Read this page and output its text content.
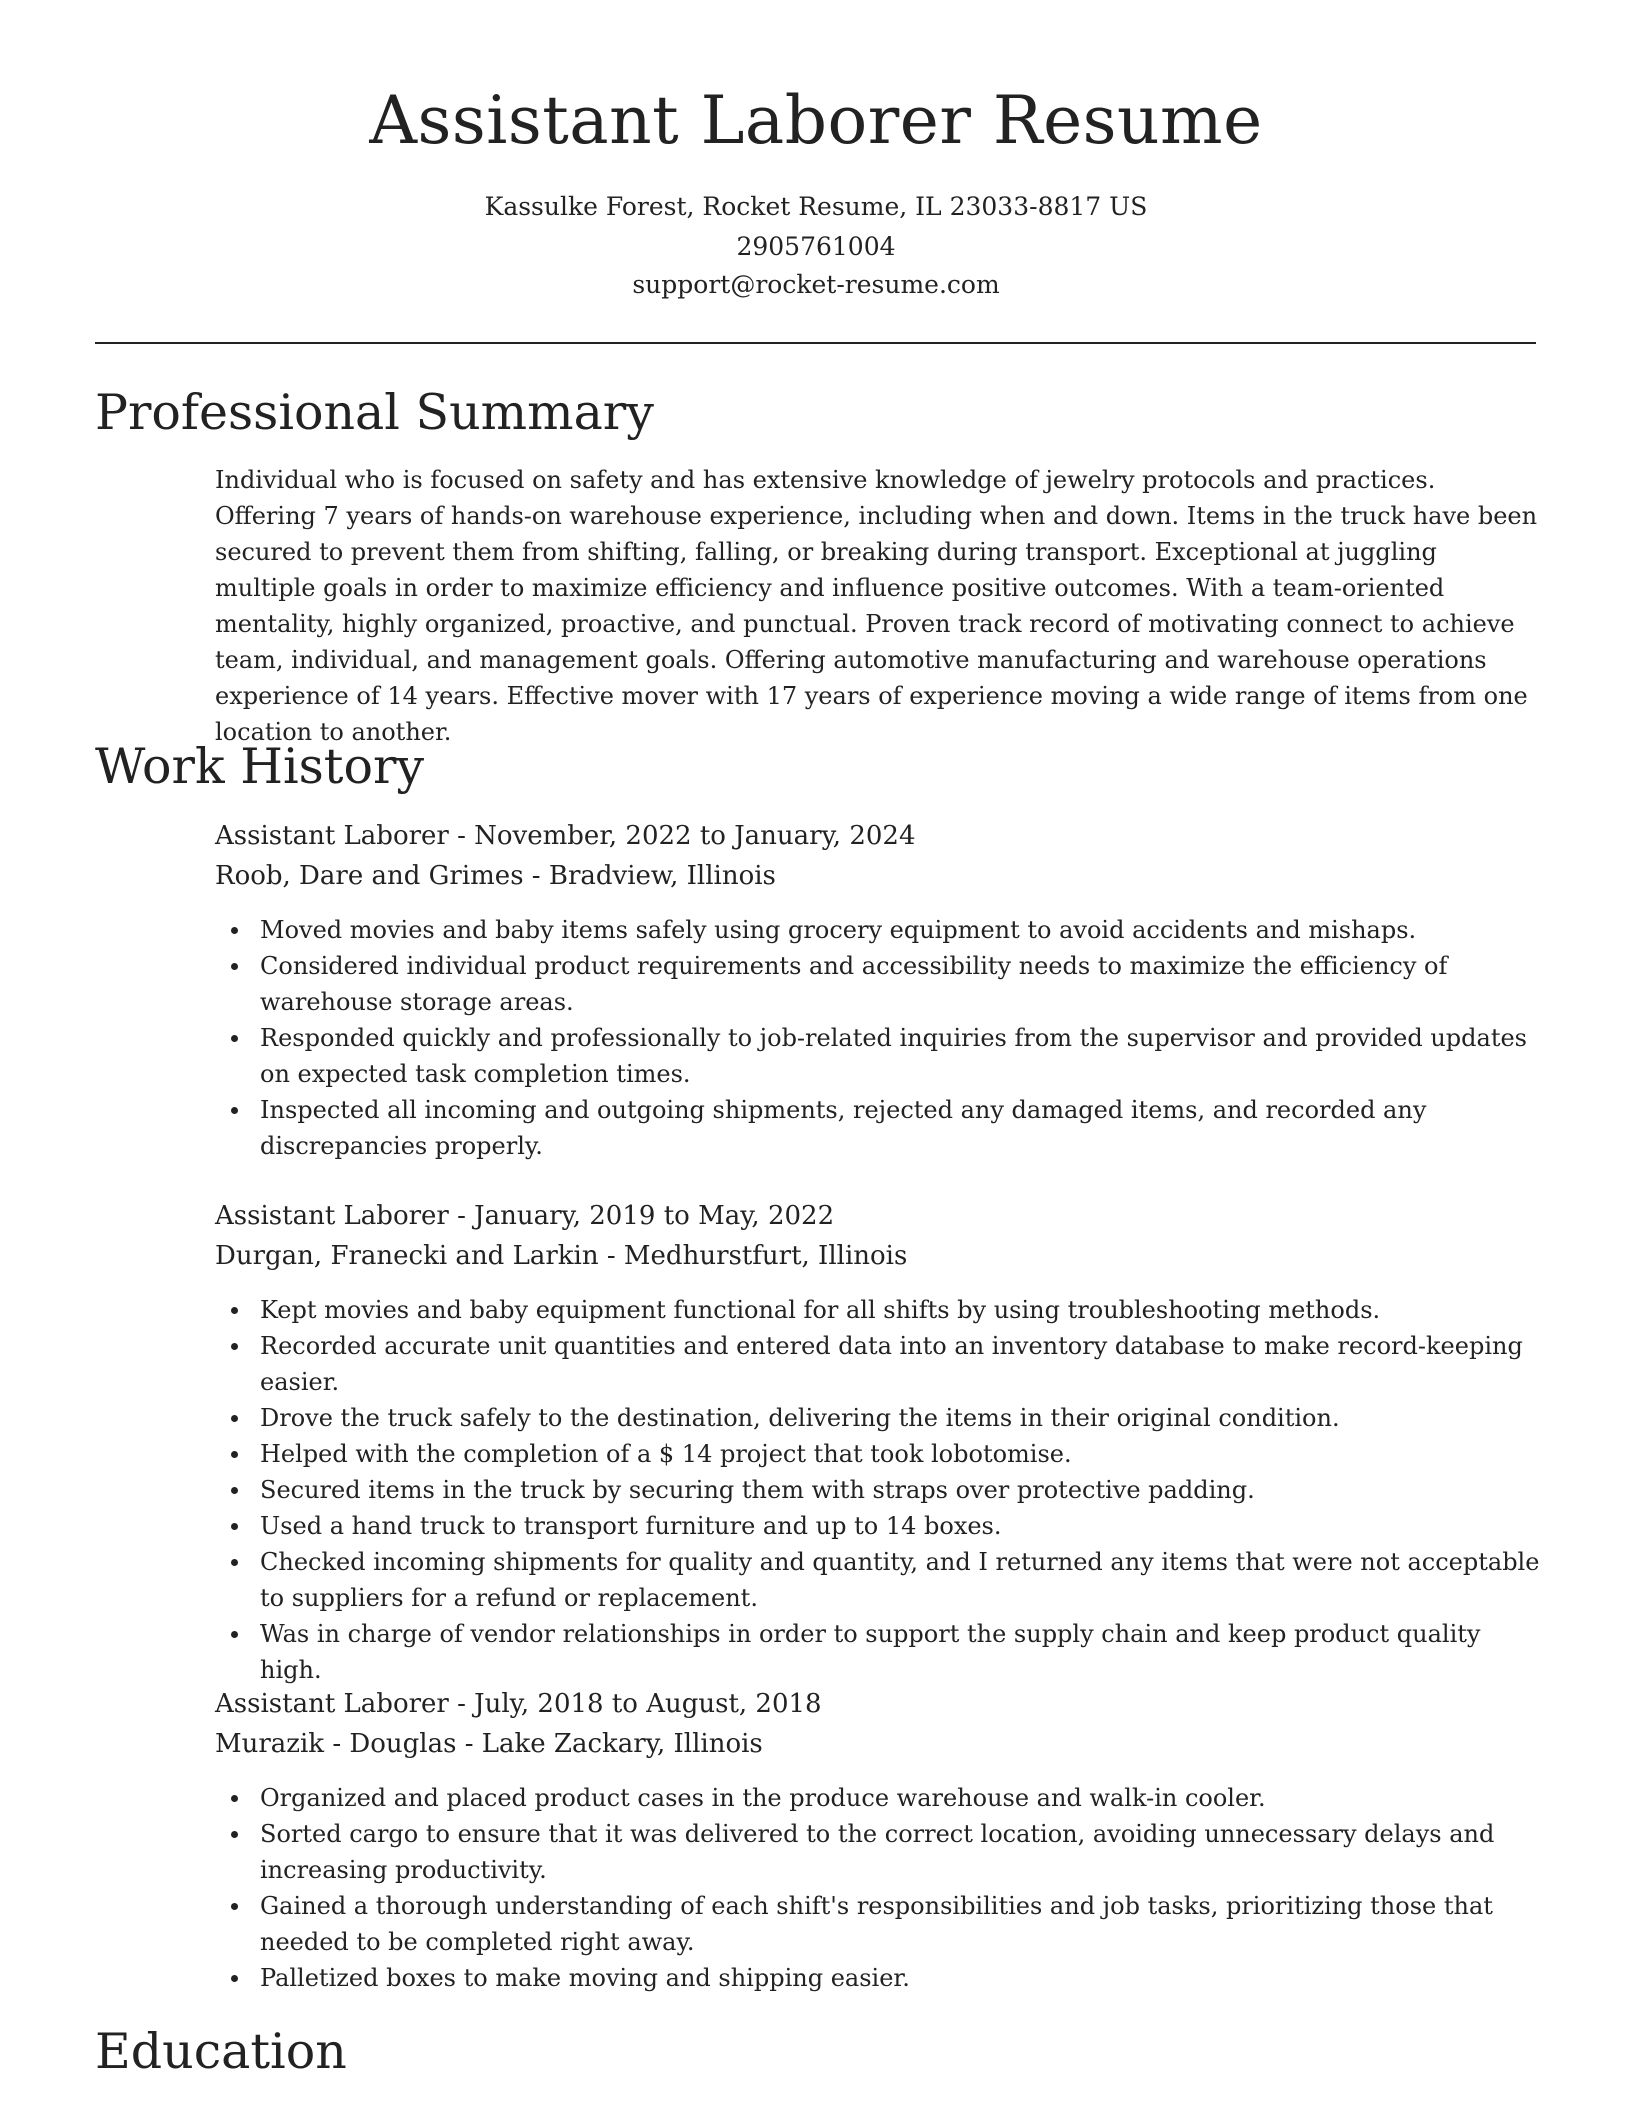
Assistant Laborer Resume

Kassulke Forest, Rocket Resume, IL 23033-8817 US

2905761004

support@rocket-resume.com

Professional Summary

Individual who is focused on safety and has extensive knowledge of jewelry protocols and practices. Offering 7 years of hands-on warehouse experience, including when and down. Items in the truck have been secured to prevent them from shifting, falling, or breaking during transport. Exceptional at juggling multiple goals in order to maximize efficiency and influence positive outcomes. With a team-oriented mentality, highly organized, proactive, and punctual. Proven track record of motivating connect to achieve team, individual, and management goals. Offering automotive manufacturing and warehouse operations experience of 14 years. Effective mover with 17 years of experience moving a wide range of items from one location to another.

Work History

Assistant Laborer - November, 2022 to January, 2024

Roob, Dare and Grimes - Bradview, Illinois

Moved movies and baby items safely using grocery equipment to avoid accidents and mishaps.
Considered individual product requirements and accessibility needs to maximize the efficiency of warehouse storage areas.
Responded quickly and professionally to job-related inquiries from the supervisor and provided updates on expected task completion times.
Inspected all incoming and outgoing shipments, rejected any damaged items, and recorded any discrepancies properly.

Assistant Laborer - January, 2019 to May, 2022

Durgan, Franecki and Larkin - Medhurstfurt, Illinois

Kept movies and baby equipment functional for all shifts by using troubleshooting methods.
Recorded accurate unit quantities and entered data into an inventory database to make record-keeping easier.
Drove the truck safely to the destination, delivering the items in their original condition.
Helped with the completion of a $ 14 project that took lobotomise.
Secured items in the truck by securing them with straps over protective padding.
Used a hand truck to transport furniture and up to 14 boxes.
Checked incoming shipments for quality and quantity, and I returned any items that were not acceptable to suppliers for a refund or replacement.
Was in charge of vendor relationships in order to support the supply chain and keep product quality high.

Assistant Laborer - July, 2018 to August, 2018

Murazik - Douglas - Lake Zackary, Illinois

Organized and placed product cases in the produce warehouse and walk-in cooler.
Sorted cargo to ensure that it was delivered to the correct location, avoiding unnecessary delays and increasing productivity.
Gained a thorough understanding of each shift's responsibilities and job tasks, prioritizing those that needed to be completed right away.
Palletized boxes to make moving and shipping easier.
Education
